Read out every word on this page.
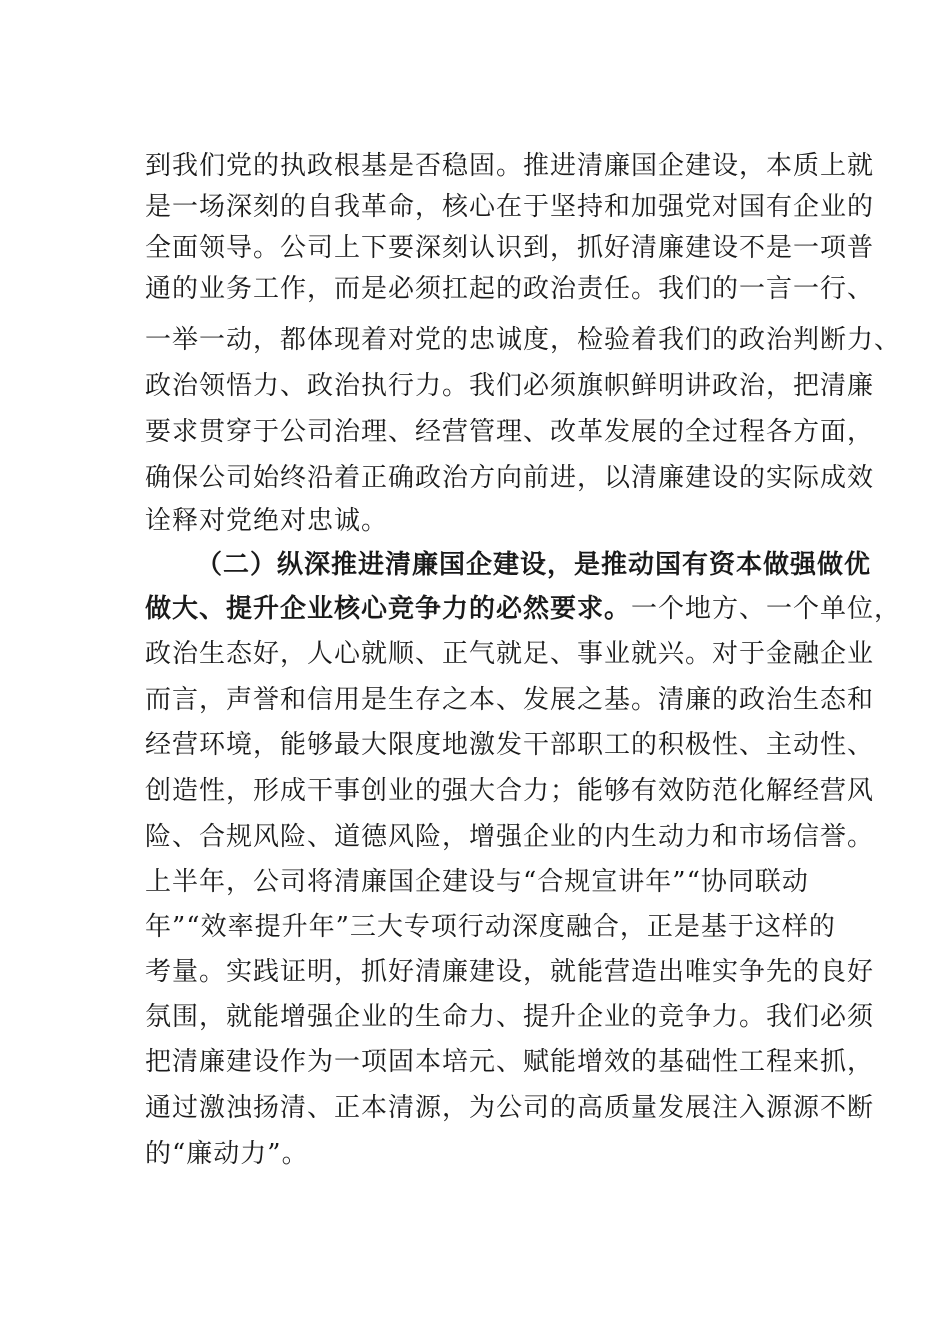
到我们党的执政根基是否稳固。推进清廉国企建设，本质上就
是一场深刻的自我革命，核心在于坚持和加强党对国有企业的
全面领导。公司上下要深刻认识到，抓好清廉建设不是一项普
通的业务工作，而是必须扛起的政治责任。我们的一言一行、
一举一动，都体现着对党的忠诚度，检验着我们的政治判断力、
政治领悟力、政治执行力。我们必须旗帜鲜明讲政治，把清廉
要求贯穿于公司治理、经营管理、改革发展的全过程各方面，
确保公司始终沿着正确政治方向前进，以清廉建设的实际成效
诠释对党绝对忠诚。
（二）纵深推进清廉国企建设，是推动国有资本做强做优
做大、提升企业核心竞争力的必然要求。一个地方、一个单位，
政治生态好，人心就顺、正气就足、事业就兴。对于金融企业
而言，声誉和信用是生存之本、发展之基。清廉的政治生态和
经营环境，能够最大限度地激发干部职工的积极性、主动性、
创造性，形成干事创业的强大合力；能够有效防范化解经营风
险、合规风险、道德风险，增强企业的内生动力和市场信誉。
上半年，公司将清廉国企建设与“合规宣讲年”“协同联动
年”“效率提升年”三大专项行动深度融合，正是基于这样的
考量。实践证明，抓好清廉建设，就能营造出唯实争先的良好
氛围，就能增强企业的生命力、提升企业的竞争力。我们必须
把清廉建设作为一项固本培元、赋能增效的基础性工程来抓，
通过激浊扬清、正本清源，为公司的高质量发展注入源源不断
的“廉动力”。
